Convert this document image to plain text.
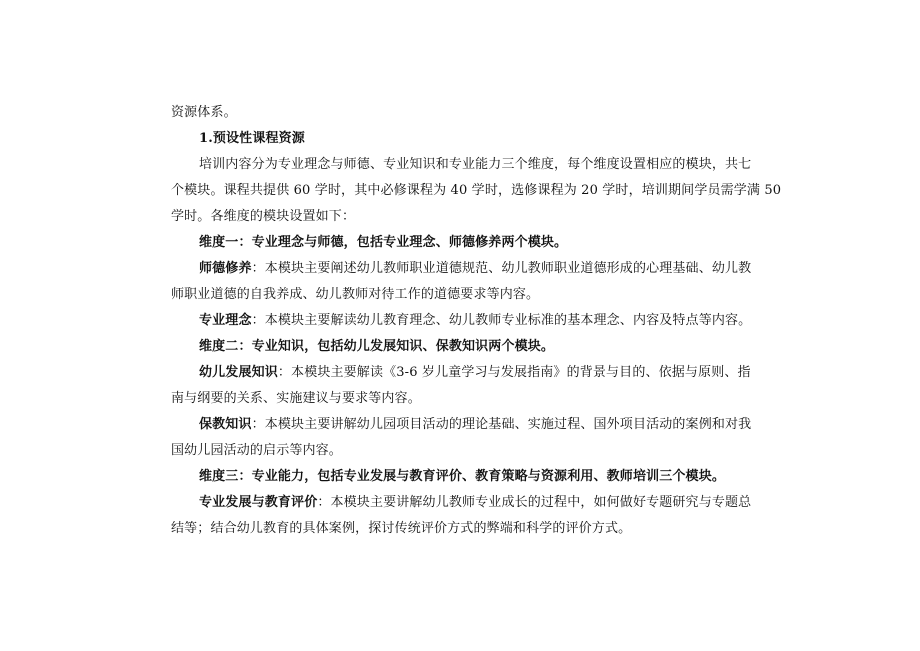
资源体系。
1.预设性课程资源
培训内容分为专业理念与师德、专业知识和专业能力三个维度，每个维度设置相应的模块，共七
个模块。课程共提供 60 学时，其中必修课程为 40 学时，选修课程为 20 学时，培训期间学员需学满 50
学时。各维度的模块设置如下：
维度一：专业理念与师德，包括专业理念、师德修养两个模块。
师德修养：本模块主要阐述幼儿教师职业道德规范、幼儿教师职业道德形成的心理基础、幼儿教
师职业道德的自我养成、幼儿教师对待工作的道德要求等内容。
专业理念：本模块主要解读幼儿教育理念、幼儿教师专业标准的基本理念、内容及特点等内容。
维度二：专业知识，包括幼儿发展知识、保教知识两个模块。
幼儿发展知识：本模块主要解读《3-6 岁儿童学习与发展指南》的背景与目的、依据与原则、指
南与纲要的关系、实施建议与要求等内容。
保教知识：本模块主要讲解幼儿园项目活动的理论基础、实施过程、国外项目活动的案例和对我
国幼儿园活动的启示等内容。
维度三：专业能力，包括专业发展与教育评价、教育策略与资源利用、教师培训三个模块。
专业发展与教育评价：本模块主要讲解幼儿教师专业成长的过程中，如何做好专题研究与专题总
结等；结合幼儿教育的具体案例，探讨传统评价方式的弊端和科学的评价方式。
